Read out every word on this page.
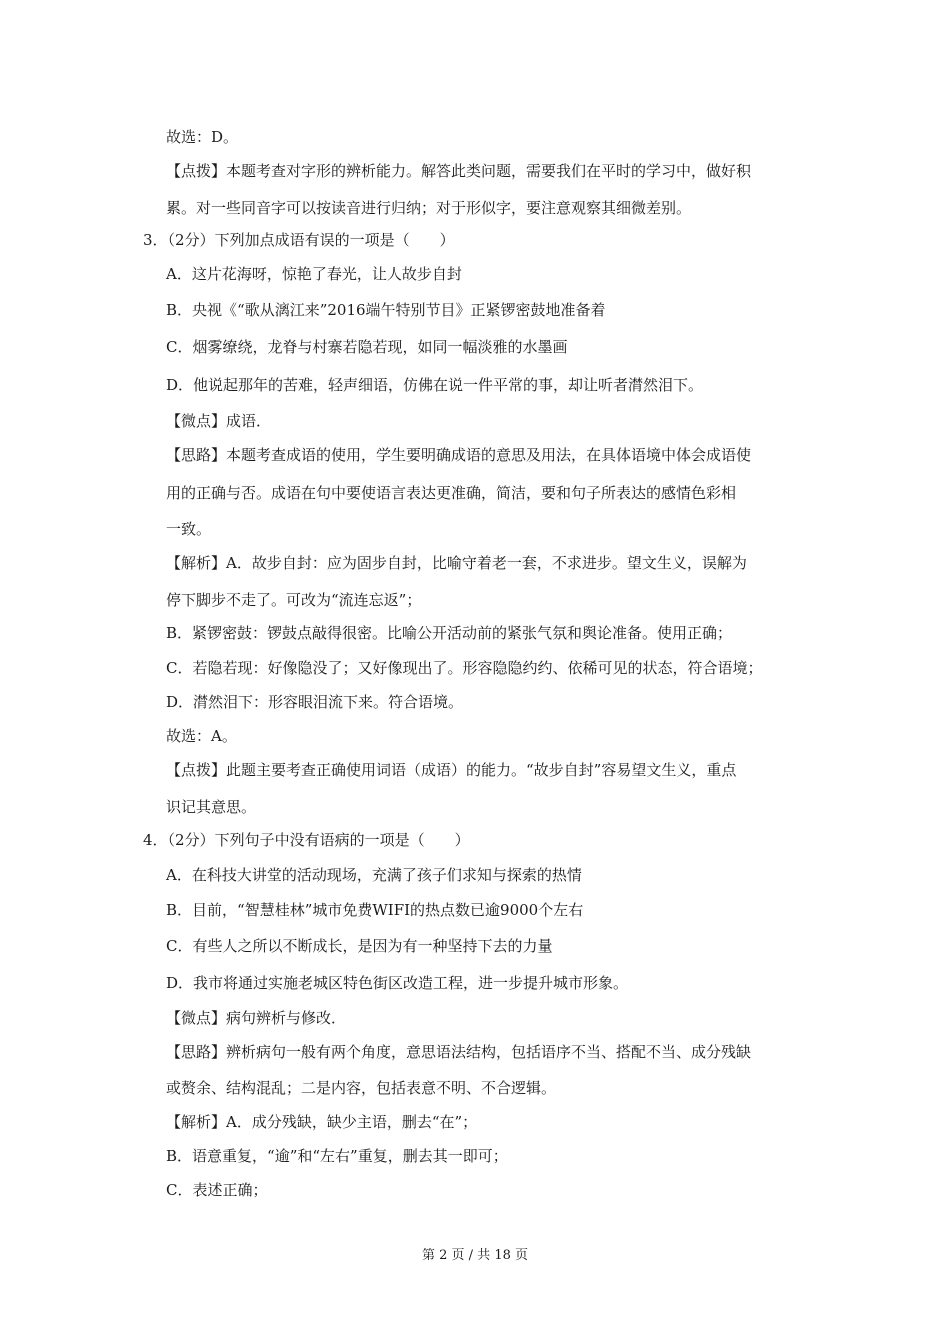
故选：D。
【点拨】本题考查对字形的辨析能力。解答此类问题，需要我们在平时的学习中，做好积
累。对一些同音字可以按读音进行归纳；对于形似字，要注意观察其细微差别。
3．（2分）下列加点成语有误的一项是（　　）
A．这片花海呀，惊艳了春光，让人故步自封
B．央视《“歌从漓江来”2016端午特别节目》正紧锣密鼓地准备着
C．烟雾缭绕，龙脊与村寨若隐若现，如同一幅淡雅的水墨画
D．他说起那年的苦难，轻声细语，仿佛在说一件平常的事，却让听者潸然泪下。
【微点】成语．
【思路】本题考查成语的使用，学生要明确成语的意思及用法，在具体语境中体会成语使
用的正确与否。成语在句中要使语言表达更准确，简洁，要和句子所表达的感情色彩相
一致。
【解析】A．故步自封：应为固步自封，比喻守着老一套，不求进步。望文生义，误解为
停下脚步不走了。可改为“流连忘返”；
B．紧锣密鼓：锣鼓点敲得很密。比喻公开活动前的紧张气氛和舆论准备。使用正确；
C．若隐若现：好像隐没了；又好像现出了。形容隐隐约约、依稀可见的状态，符合语境；
D．潸然泪下：形容眼泪流下来。符合语境。
故选：A。
【点拨】此题主要考查正确使用词语（成语）的能力。“故步自封”容易望文生义，重点
识记其意思。
4．（2分）下列句子中没有语病的一项是（　　）
A．在科技大讲堂的活动现场，充满了孩子们求知与探索的热情
B．目前，“智慧桂林”城市免费WIFI的热点数已逾9000个左右
C．有些人之所以不断成长，是因为有一种坚持下去的力量
D．我市将通过实施老城区特色街区改造工程，进一步提升城市形象。
【微点】病句辨析与修改．
【思路】辨析病句一般有两个角度，意思语法结构，包括语序不当、搭配不当、成分残缺
或赘余、结构混乱；二是内容，包括表意不明、不合逻辑。
【解析】A．成分残缺，缺少主语，删去“在”；
B．语意重复，“逾”和“左右”重复，删去其一即可；
C．表述正确；
第 2 页 / 共 18 页
